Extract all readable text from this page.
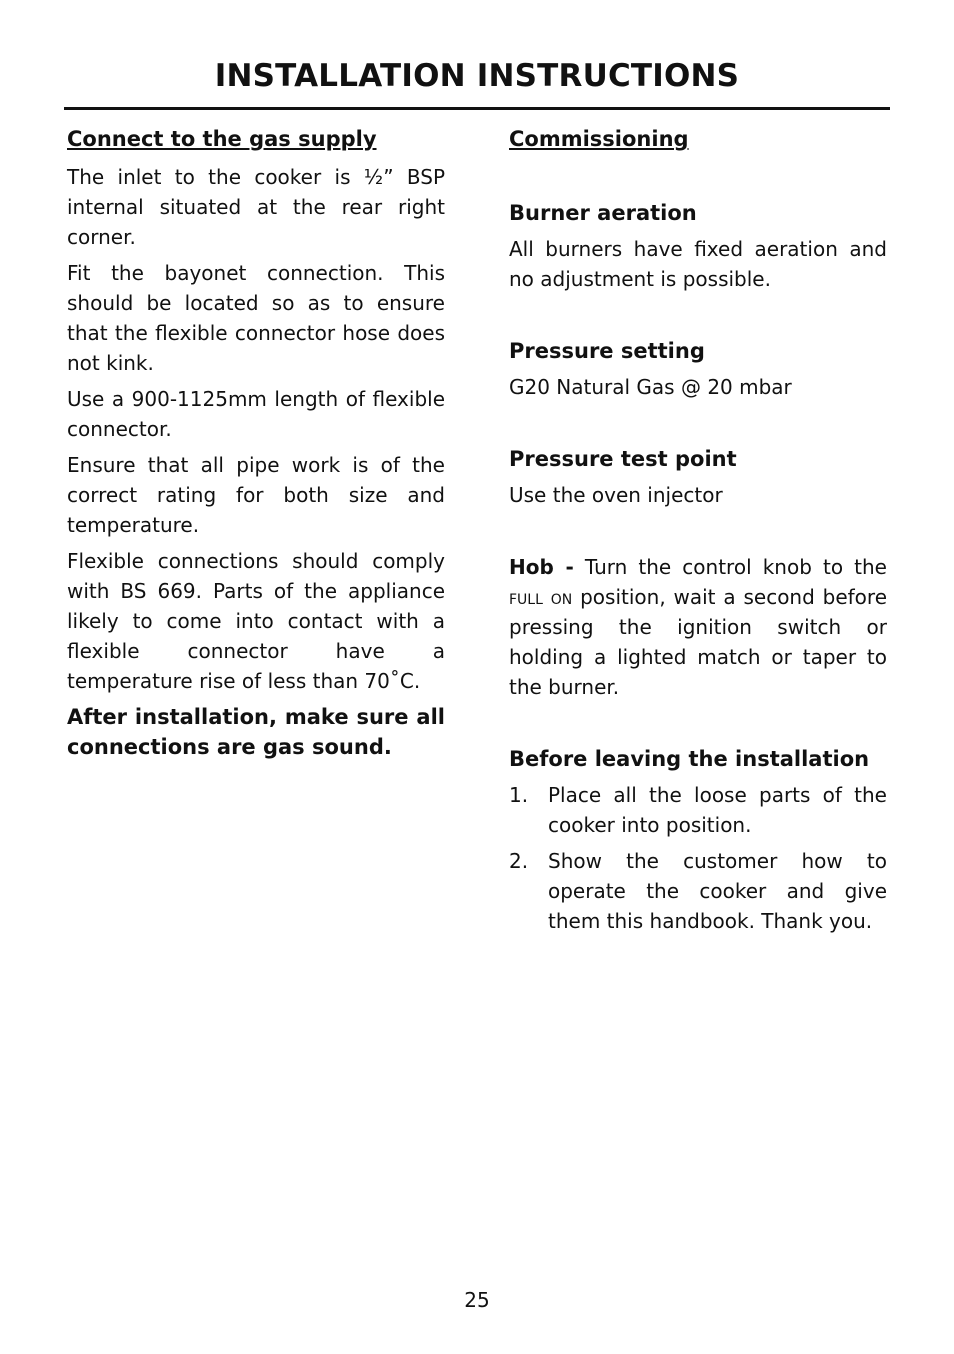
INSTALLATION INSTRUCTIONS
Connect to the gas supply

The inlet to the cooker is ½” BSP internal situated at the rear right corner.

Fit the bayonet connection. This should be located so as to ensure that the flexible connector hose does not kink.

Use a 900-1125mm length of flexible connector.

Ensure that all pipe work is of the correct rating for both size and temperature.

Flexible connections should comply with BS 669. Parts of the appliance likely to come into contact with a flexible connector have a temperature rise of less than 70˚C.

After installation, make sure all connections are gas sound.

Commissioning
Burner aeration

All burners have fixed aeration and no adjustment is possible.

Pressure setting

G20 Natural Gas @ 20 mbar

Pressure test point

Use the oven injector

Hob - Turn the control knob to the full on position, wait a second before pressing the ignition switch or holding a lighted match or taper to the burner.

Before leaving the installation
1. Place all the loose parts of the cooker into position.
2. Show the customer how to operate the cooker and give them this handbook. Thank you.
25
